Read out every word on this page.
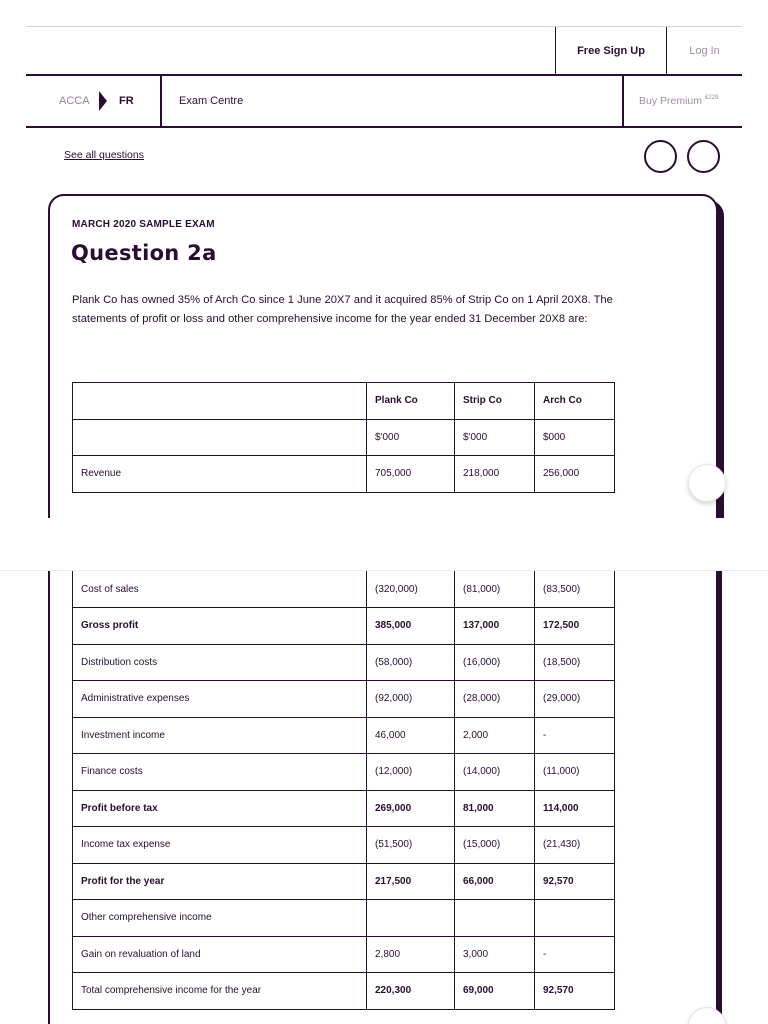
Free Sign Up	Log In
ACCA	FR	Exam Centre	Buy Premium $^{€229}$
See all questions
MARCH 2020 SAMPLE EXAM
Question 2a
Plank Co has owned 35% of Arch Co since 1 June 20X7 and it acquired 85% of Strip Co on 1 April 20X8. The statements of profit or loss and other comprehensive income for the year ended 31 December 20X8 are:
	Plank Co	Strip Co	Arch Co
	$'000	$'000	$000
Revenue	705,000	218,000	256,000
Cost of sales	(320,000)	(81,000)	(83,500)
Gross profit	385,000	137,000	172,500
Distribution costs	(58,000)	(16,000)	(18,500)
Administrative expenses	(92,000)	(28,000)	(29,000)
Investment income	46,000	2,000	-
Finance costs	(12,000)	(14,000)	(11,000)
Profit before tax	269,000	81,000	114,000
Income tax expense	(51,500)	(15,000)	(21,430)
Profit for the year	217,500	66,000	92,570
Other comprehensive income			
Gain on revaluation of land	2,800	3,000	-
Total comprehensive income for the year	220,300	69,000	92,570
